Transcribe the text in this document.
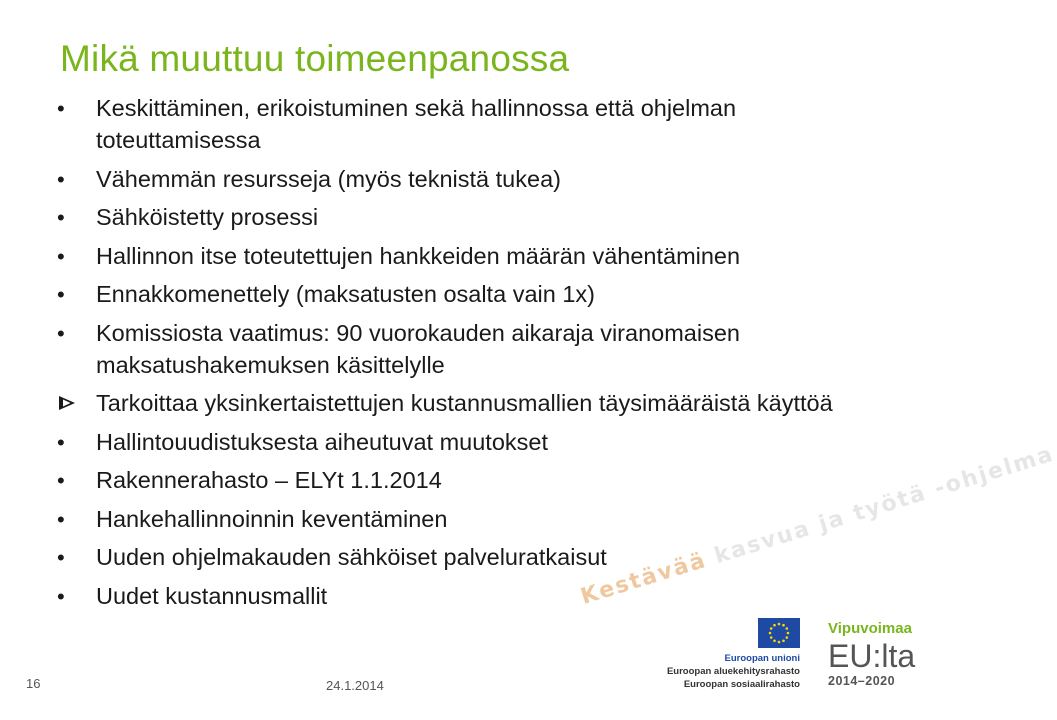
Mikä muuttuu toimeenpanossa
•
Keskittäminen, erikoistuminen sekä hallinnossa että ohjelman toteuttamisessa
•
Vähemmän resursseja (myös teknistä tukea)
•
Sähköistetty prosessi
•
Hallinnon itse toteutettujen hankkeiden määrän vähentäminen
•
Ennakkomenettely (maksatusten osalta vain 1x)
•
Komissiosta vaatimus: 90 vuorokauden aikaraja viranomaisen maksatushakemuksen käsittelylle
Tarkoittaa yksinkertaistettujen kustannusmallien täysimääräistä käyttöä
•
Hallintouudistuksesta aiheutuvat muutokset
•
Rakennerahasto – ELYt 1.1.2014
•
Hankehallinnoinnin keventäminen
•
Uuden ohjelmakauden sähköiset palveluratkaisut
•
Uudet kustannusmallit	Kestävää kasvua ja työtä -ohjelma
Euroopan unioni
Euroopan aluekehitysrahasto
Euroopan sosiaalirahasto
Vipuvoimaa
EU:lta
2014–2020
16	24.1.2014
